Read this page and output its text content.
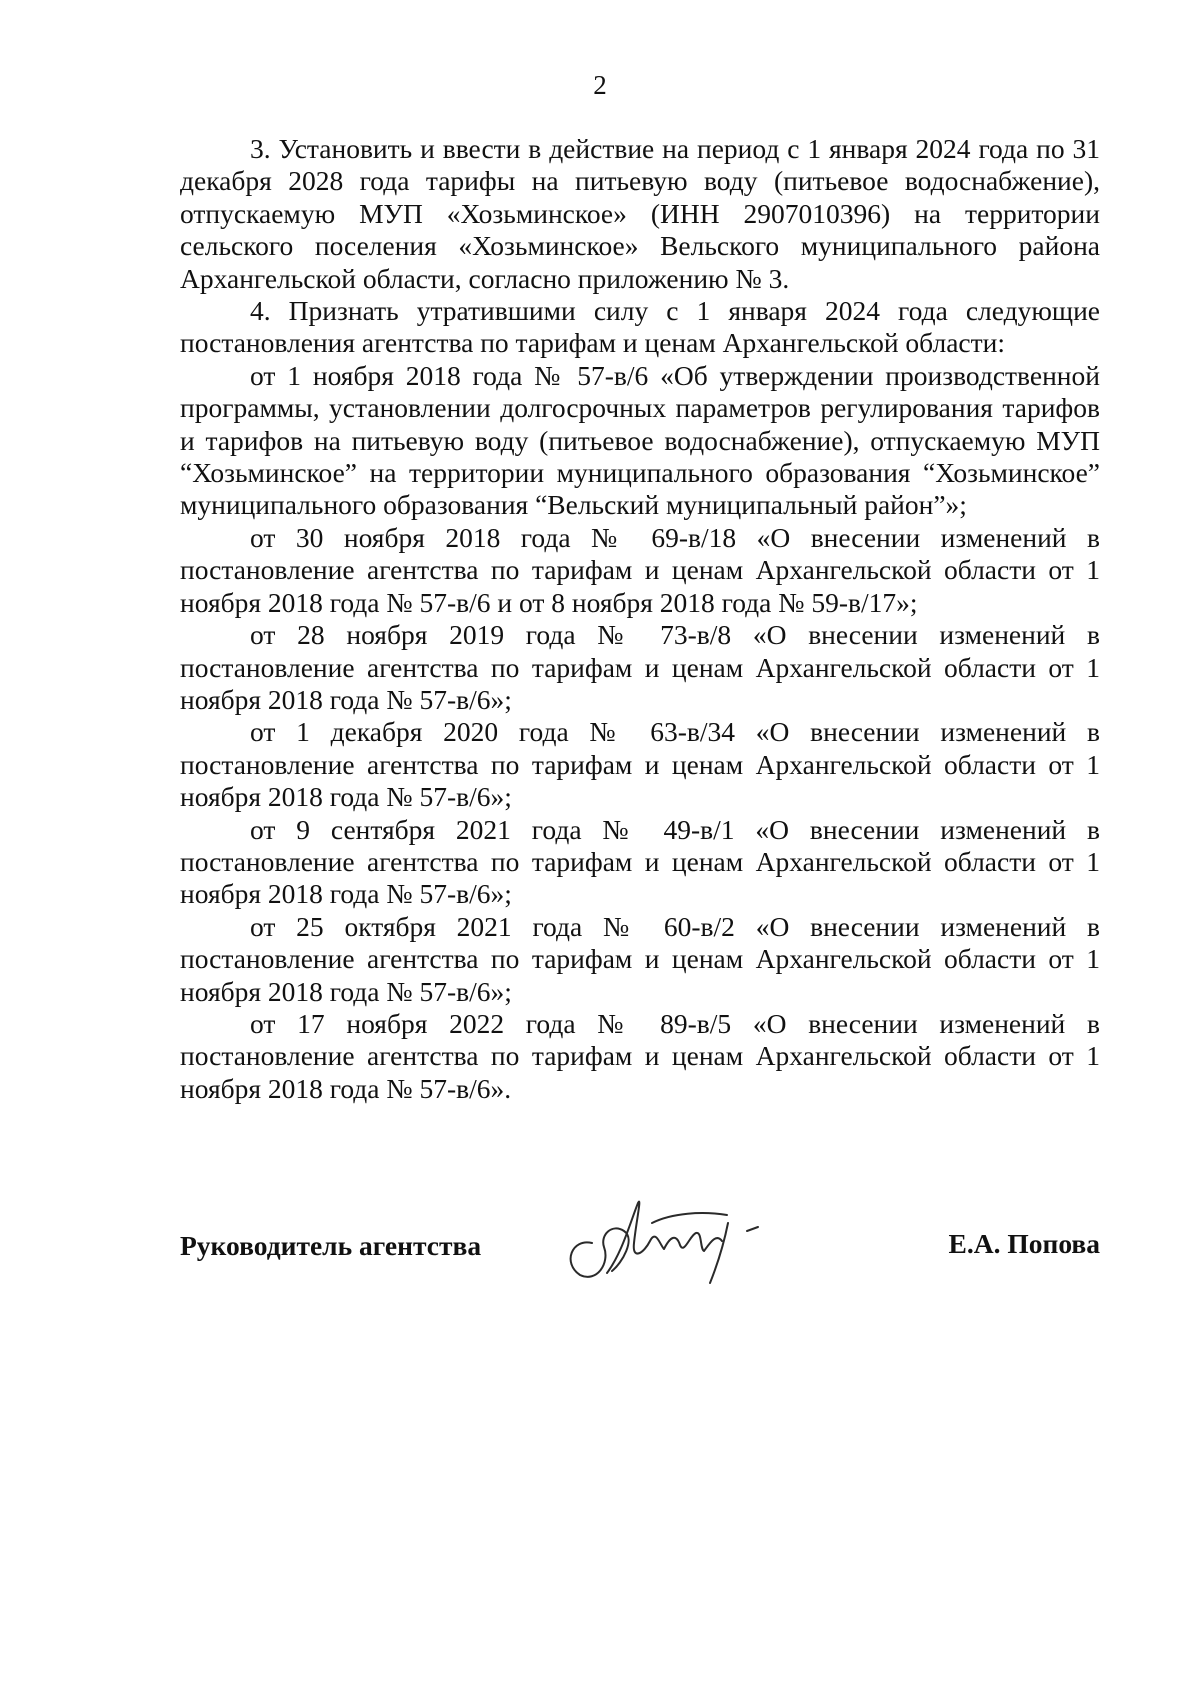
2

3. Установить и ввести в действие на период с 1 января 2024 года по 31 декабря 2028 года тарифы на питьевую воду (питьевое водоснабжение), отпускаемую МУП «Хозьминское» (ИНН 2907010396) на территории сельского поселения «Хозьминское» Вельского муниципального района Архангельской области, согласно приложению № 3.

4. Признать утратившими силу с 1 января 2024 года следующие постановления агентства по тарифам и ценам Архангельской области:

от 1 ноября 2018 года № 57-в/6 «Об утверждении производственной программы, установлении долгосрочных параметров регулирования тарифов и тарифов на питьевую воду (питьевое водоснабжение), отпускаемую МУП “Хозьминское” на территории муниципального образования “Хозьминское” муниципального образования “Вельский муниципальный район”»;

от 30 ноября 2018 года № 69-в/18 «О внесении изменений в постановление агентства по тарифам и ценам Архангельской области от 1 ноября 2018 года № 57-в/6 и от 8 ноября 2018 года № 59-в/17»;

от 28 ноября 2019 года № 73-в/8 «О внесении изменений в постановление агентства по тарифам и ценам Архангельской области от 1 ноября 2018 года № 57-в/6»;

от 1 декабря 2020 года № 63-в/34 «О внесении изменений в постановление агентства по тарифам и ценам Архангельской области от 1 ноября 2018 года № 57-в/6»;

от 9 сентября 2021 года № 49-в/1 «О внесении изменений в постановление агентства по тарифам и ценам Архангельской области от 1 ноября 2018 года № 57-в/6»;

от 25 октября 2021 года № 60-в/2 «О внесении изменений в постановление агентства по тарифам и ценам Архангельской области от 1 ноября 2018 года № 57-в/6»;

от 17 ноября 2022 года № 89-в/5 «О внесении изменений в постановление агентства по тарифам и ценам Архангельской области от 1 ноября 2018 года № 57-в/6».

Руководитель агентства	Е.А. Попова
